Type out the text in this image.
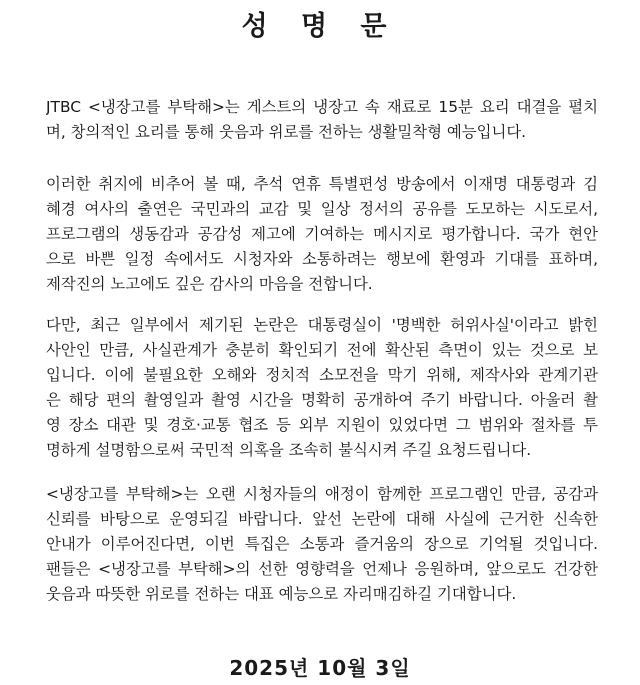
성 명 문
JTBC <냉장고를 부탁해>는 게스트의 냉장고 속 재료로 15분 요리 대결을 펼치
며, 창의적인 요리를 통해 웃음과 위로를 전하는 생활밀착형 예능입니다.
이러한 취지에 비추어 볼 때, 추석 연휴 특별편성 방송에서 이재명 대통령과 김
혜경 여사의 출연은 국민과의 교감 및 일상 정서의 공유를 도모하는 시도로서,
프로그램의 생동감과 공감성 제고에 기여하는 메시지로 평가합니다. 국가 현안
으로 바쁜 일정 속에서도 시청자와 소통하려는 행보에 환영과 기대를 표하며,
제작진의 노고에도 깊은 감사의 마음을 전합니다.
다만, 최근 일부에서 제기된 논란은 대통령실이 '명백한 허위사실'이라고 밝힌
사안인 만큼, 사실관계가 충분히 확인되기 전에 확산된 측면이 있는 것으로 보
입니다. 이에 불필요한 오해와 정치적 소모전을 막기 위해, 제작사와 관계기관
은 해당 편의 촬영일과 촬영 시간을 명확히 공개하여 주기 바랍니다. 아울러 촬
영 장소 대관 및 경호·교통 협조 등 외부 지원이 있었다면 그 범위와 절차를 투
명하게 설명함으로써 국민적 의혹을 조속히 불식시켜 주길 요청드립니다.
<냉장고를 부탁해>는 오랜 시청자들의 애정이 함께한 프로그램인 만큼, 공감과
신뢰를 바탕으로 운영되길 바랍니다. 앞선 논란에 대해 사실에 근거한 신속한
안내가 이루어진다면, 이번 특집은 소통과 즐거움의 장으로 기억될 것입니다.
팬들은 <냉장고를 부탁해>의 선한 영향력을 언제나 응원하며, 앞으로도 건강한
웃음과 따뜻한 위로를 전하는 대표 예능으로 자리매김하길 기대합니다.
2025년 10월 3일
